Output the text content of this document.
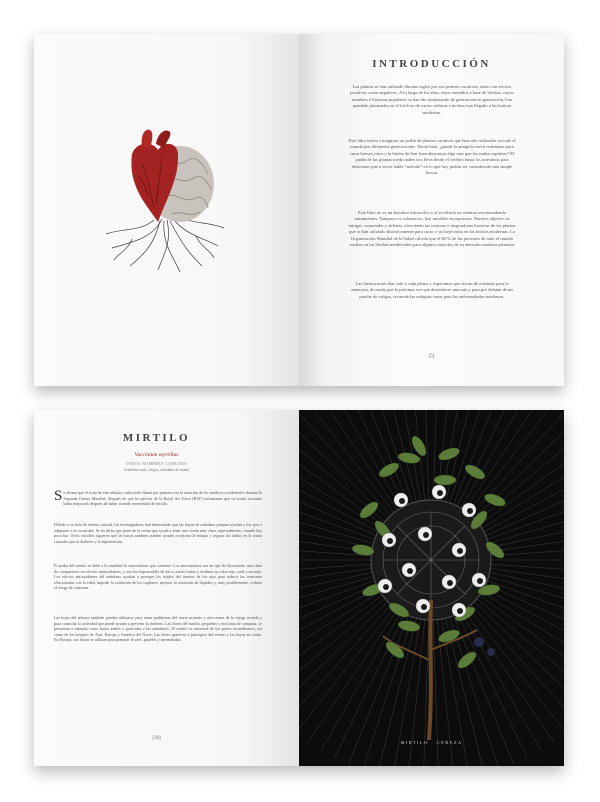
INTRODUCCIÓN
Las plantas se han utilizado durante siglos por sus poderes curativos, tanto con efectos positivos como negativos. A lo largo de los años, estos remedios a base de hierbas, cuyos nombres e historias populares se han ido traspasando de generación en generación, han quedado plasmados en el folclore de varias culturas e incluso han llegado a las boticas modernas.
Este libro invita a imaginar un jardín de plantas curativas que han sido utilizadas en todo el mundo por diferentes generaciones. Ahora bien, ¿puede la amapola servir realmente para curar huesos rotos y la hierba de San Juan ahuyentar algo más que los malos espíritus? El jardín de las plantas medicinales nos lleva desde el cerebro hasta los intestinos para demostrar que a veces habla “método” en lo que hoy podría ser considerado una simple locura.
Este libro no es un absoluto instructivo y al escribirlo no estamos recomendando tratamientos. Tampoco es exhaustivo; hay notables excepciones. Nuestro objetivo es intrigar, sorprender y deleitar, ofreciendo las curiosas e inspiradoras historias de las plantas que se han utilizado históricamente para curar y su trayectoria en las boticas modernas. La Organización Mundial de la Salud calcula que el 80 % de las personas de todo el mundo confían en las hierbas medicinales para algunos aspectos de su atención sanitaria primaria.
Las ilustraciones dan vida a cada planta y esperamos que sirvan de estímulo para la memoria, de modo que la próxima vez que desentierre una raíz o pase por delante de un parche de ortigas, recuerde las antiguas curas para las enfermedades modernas.
[5]
MIRTILO
Vaccinium myrtillus
OTROS NOMBRES COMUNES
Arándano azul, ortigas, arándano de monte
Se afirma que el fruto de este arbusto caducifolio llamó por primera vez la atención de los médicos occidentales durante la Segunda Guerra Mundial, después de que los pilotos de la Royal Air Force (RAF) informaran que su visión nocturna había mejorado después de haber comido mermelada de mirtilo.
Debido a su beta de estima cultural, los investigadores han demostrado que las bayas de arándano púrpura ayudan a los ojos a adaptarse a la oscuridad. Se ha dicho que parte de la retina que ayuda a tener una visión más clara, especialmente, cuando hay poca luz. Otros estudios sugieren que las bayas también pueden ayudar a mejorar la miopía y reparar los daños en la retina causados por la diabetes y la hipertensión.
El poder del mirtilo se debe a la cantidad de antocianinas que contiene. Los antocianinos son un tipo de flavonoide, una clase de compuestos con efectos antioxidantes, y son los responsables de dar a ciertas frutas y verduras su color rojo, azul o morado. Los efectos antioxidantes del arándano ayudan a proteger los tejidos del interior de los ojos para reducir las tensiones relacionadas con la edad, impedir la oxidación de los capilares, mejorar la retención de líquidos y, muy posiblemente, reducir el riesgo de cataratas.
Las hojas del arbusto también pueden utilizarse para tratar problemas del tracto urinario y afecciones de la vejiga irritada y para controlar la actividad que puede ayudar a prevenir la diabetes. Las flores del mirtilo, pequeñas y en forma de campana, se presentan a menudo como bayas azules y parecidas a los arándanos. El mirtilo es ancestral de los países escandinavos, así como de los bosques de Asia, Europa y América del Norte. Las flores aparecen a principios del verano y las bayas en otoño. En Europa, sus frutos se utilizan para preparar licores, pasteles y mermeladas.
[30]
MIRTILO · CEREZA
